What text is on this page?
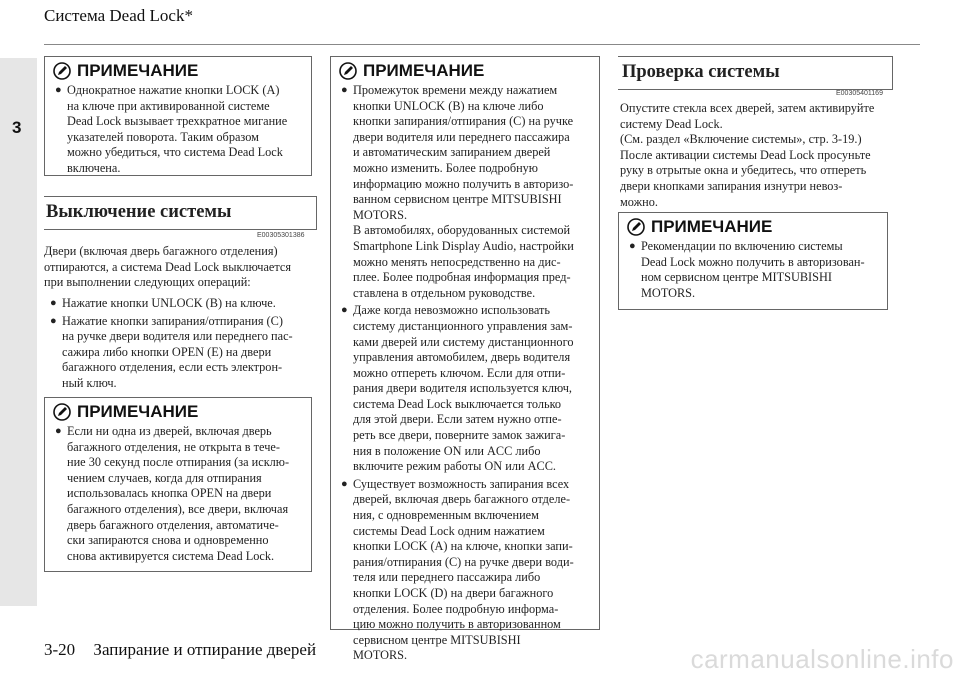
3
Система Dead Lock*
ПРИМЕЧАНИЕ
● Однократное нажатие кнопки LOCK (A)
на ключе при активированной системе
Dead Lock вызывает трехкратное мигание
указателей поворота. Таким образом
можно убедиться, что система Dead Lock
включена.
Выключение системы
E00305301386
Двери (включая дверь багажного отделения)
отпираются, а система Dead Lock выключается
при выполнении следующих операций:
● Нажатие кнопки UNLOCK (B) на ключе.
● Нажатие кнопки запирания/отпирания (C)
на ручке двери водителя или переднего пас-
сажира либо кнопки OPEN (E) на двери
багажного отделения, если есть электрон-
ный ключ.
ПРИМЕЧАНИЕ
● Если ни одна из дверей, включая дверь
багажного отделения, не открыта в тече-
ние 30 секунд после отпирания (за исклю-
чением случаев, когда для отпирания
использовалась кнопка OPEN на двери
багажного отделения), все двери, включая
дверь багажного отделения, автоматиче-
ски запираются снова и одновременно
снова активируется система Dead Lock.
ПРИМЕЧАНИЕ
● Промежуток времени между нажатием
кнопки UNLOCK (B) на ключе либо
кнопки запирания/отпирания (C) на ручке
двери водителя или переднего пассажира
и автоматическим запиранием дверей
можно изменить. Более подробную
информацию можно получить в авторизо-
ванном сервисном центре MITSUBISHI
MOTORS.
В автомобилях, оборудованных системой
Smartphone Link Display Audio, настройки
можно менять непосредственно на дис-
плее. Более подробная информация пред-
ставлена в отдельном руководстве.
● Даже когда невозможно использовать
систему дистанционного управления зам-
ками дверей или систему дистанционного
управления автомобилем, дверь водителя
можно отпереть ключом. Если для отпи-
рания двери водителя используется ключ,
система Dead Lock выключается только
для этой двери. Если затем нужно отпе-
реть все двери, поверните замок зажига-
ния в положение ON или ACC либо
включите режим работы ON или ACC.
● Существует возможность запирания всех
дверей, включая дверь багажного отделе-
ния, с одновременным включением
системы Dead Lock одним нажатием
кнопки LOCK (A) на ключе, кнопки запи-
рания/отпирания (C) на ручке двери води-
теля или переднего пассажира либо
кнопки LOCK (D) на двери багажного
отделения. Более подробную информа-
цию можно получить в авторизованном
сервисном центре MITSUBISHI
MOTORS.
Проверка системы
E00305401169
Опустите стекла всех дверей, затем активируйте
систему Dead Lock.
(См. раздел «Включение системы», стр. 3-19.)
После активации системы Dead Lock просуньте
руку в отрытые окна и убедитесь, что отпереть
двери кнопками запирания изнутри невоз-
можно.
ПРИМЕЧАНИЕ
● Рекомендации по включению системы
Dead Lock можно получить в авторизован-
ном сервисном центре MITSUBISHI
MOTORS.
3-20 Запирание и отпирание дверей	carmanualsonline.info
